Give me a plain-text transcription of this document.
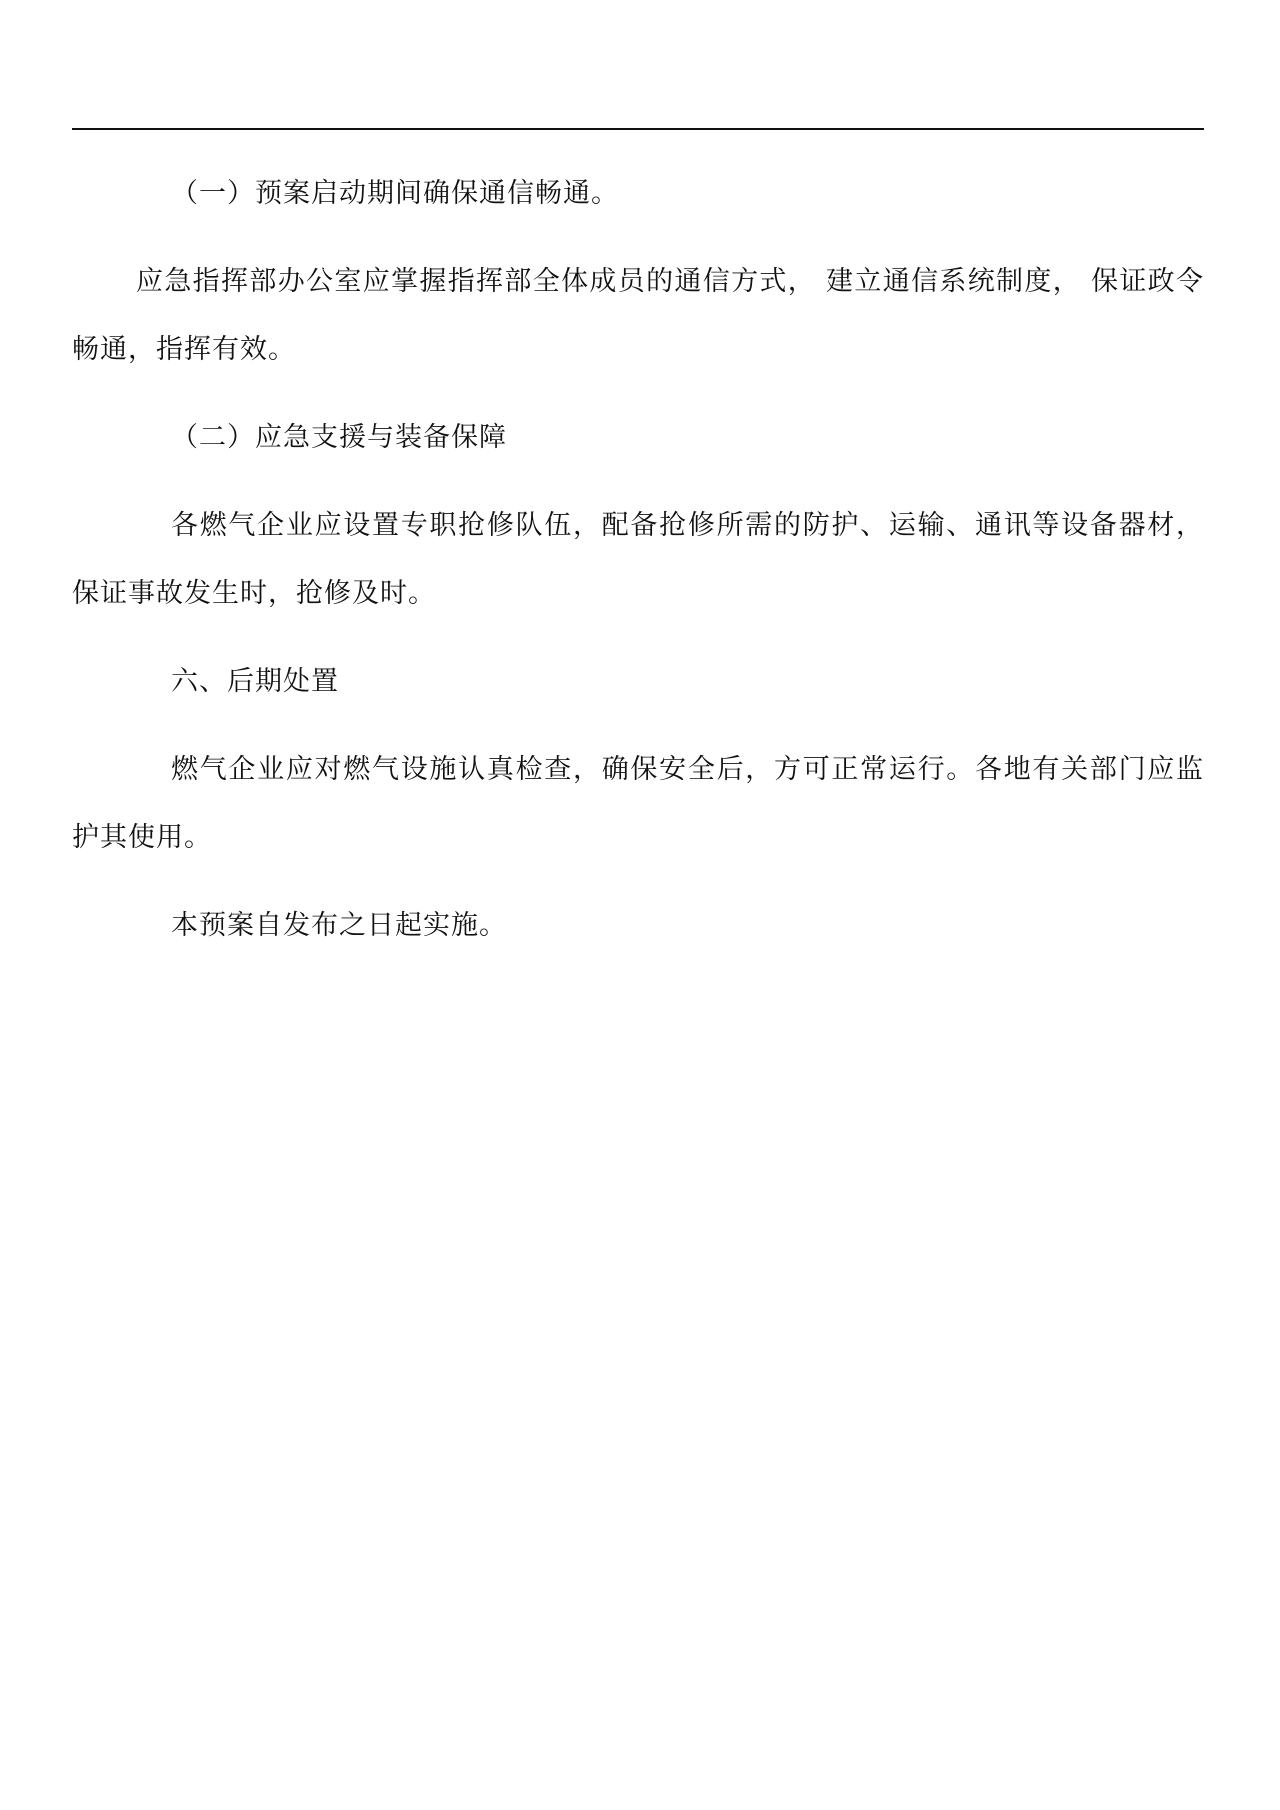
（一）预案启动期间确保通信畅通。

应急指挥部办公室应掌握指挥部全体成员的通信方式， 建立通信系统制度， 保证政令畅通，指挥有效。

（二）应急支援与装备保障

各燃气企业应设置专职抢修队伍，配备抢修所需的防护、运输、通讯等设备器材，保证事故发生时，抢修及时。

六、后期处置

燃气企业应对燃气设施认真检查，确保安全后，方可正常运行。各地有关部门应监护其使用。

本预案自发布之日起实施。
